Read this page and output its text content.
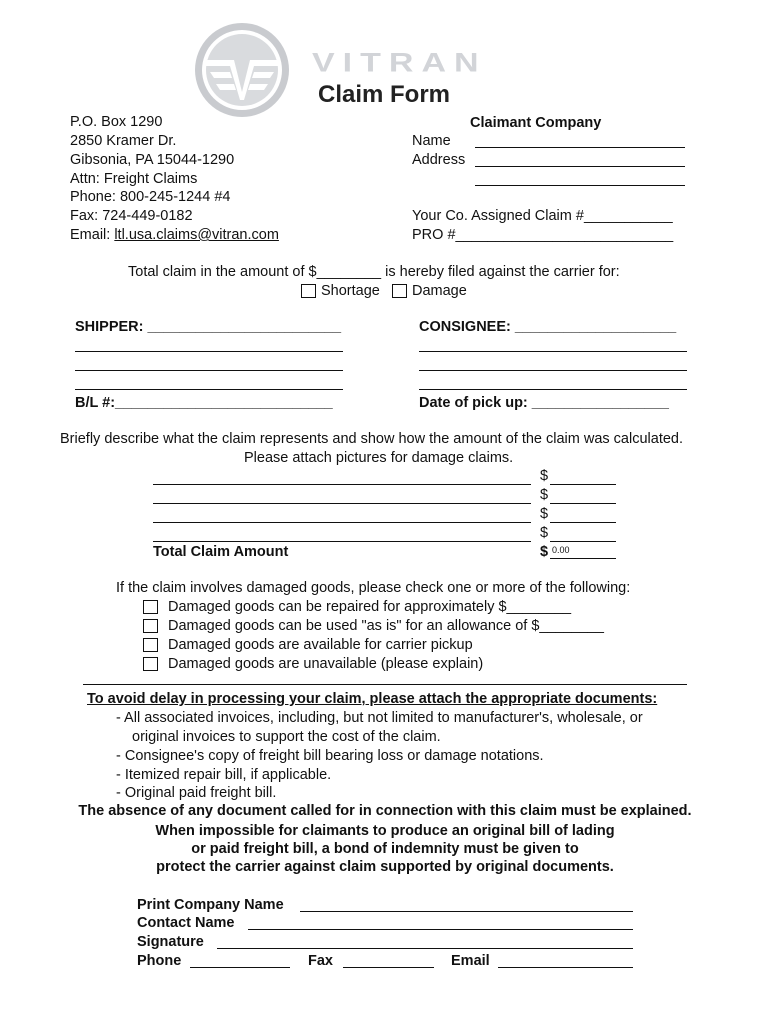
VITRAN
Claim Form
P.O. Box 1290
2850 Kramer Dr.
Gibsonia, PA 15044-1290
Attn: Freight Claims
Phone: 800-245-1244 #4
Fax: 724-449-0182
Email: ltl.usa.claims@vitran.com
Claimant Company
Name
Address
Your Co. Assigned Claim #___________
PRO #___________________________
Total claim in the amount of $________ is hereby filed against the carrier for:
Shortage Damage
SHIPPER: ________________________
B/L #:___________________________
CONSIGNEE: ____________________
Date of pick up: _________________
Briefly describe what the claim represents and show how the amount of the claim was calculated.
Please attach pictures for damage claims.
$
$
$
$
Total Claim Amount	$ 0.00
If the claim involves damaged goods, please check one or more of the following:
Damaged goods can be repaired for approximately $________
Damaged goods can be used "as is" for an allowance of $________
Damaged goods are available for carrier pickup
Damaged goods are unavailable (please explain)
To avoid delay in processing your claim, please attach the appropriate documents:
- All associated invoices, including, but not limited to manufacturer's, wholesale, or
original invoices to support the cost of the claim.
- Consignee's copy of freight bill bearing loss or damage notations.
- Itemized repair bill, if applicable.
- Original paid freight bill.
The absence of any document called for in connection with this claim must be explained.
When impossible for claimants to produce an original bill of lading
or paid freight bill, a bond of indemnity must be given to
protect the carrier against claim supported by original documents.
Print Company Name
Contact Name
Signature
Phone	Fax	Email
